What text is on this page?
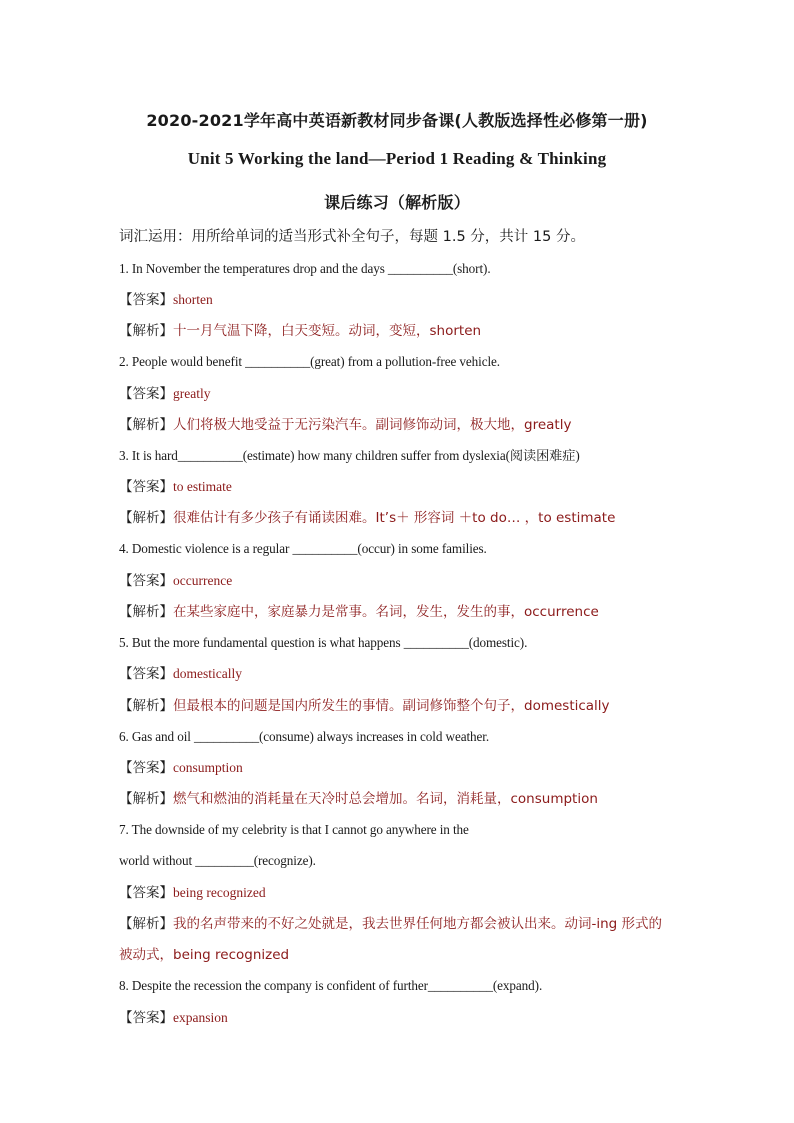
2020-2021学年高中英语新教材同步备课(人教版选择性必修第一册)
Unit 5 Working the land—Period 1 Reading & Thinking
课后练习（解析版）
词汇运用：用所给单词的适当形式补全句子，每题 1.5 分，共计 15 分。
1. In November the temperatures drop and the days __________(short).
【答案】shorten
【解析】十一月气温下降，白天变短。动词，变短，shorten
2. People would benefit __________(great) from a pollution-free vehicle.
【答案】greatly
【解析】人们将极大地受益于无污染汽车。副词修饰动词，极大地，greatly
3. It is hard__________(estimate) how many children suffer from dyslexia(阅读困难症)
【答案】to estimate
【解析】很难估计有多少孩子有诵读困难。It’s＋ 形容词 ＋to do… ，to estimate
4. Domestic violence is a regular __________(occur) in some families.
【答案】occurrence
【解析】在某些家庭中，家庭暴力是常事。名词，发生，发生的事，occurrence
5. But the more fundamental question is what happens __________(domestic).
【答案】domestically
【解析】但最根本的问题是国内所发生的事情。副词修饰整个句子，domestically
6. Gas and oil __________(consume) always increases in cold weather.
【答案】consumption
【解析】燃气和燃油的消耗量在天冷时总会增加。名词，消耗量，consumption
7. The downside of my celebrity is that I cannot go anywhere in the
world without _________(recognize).
【答案】being recognized
【解析】我的名声带来的不好之处就是，我去世界任何地方都会被认出来。动词-ing 形式的
被动式，being recognized
8. Despite the recession the company is confident of further__________(expand).
【答案】expansion
